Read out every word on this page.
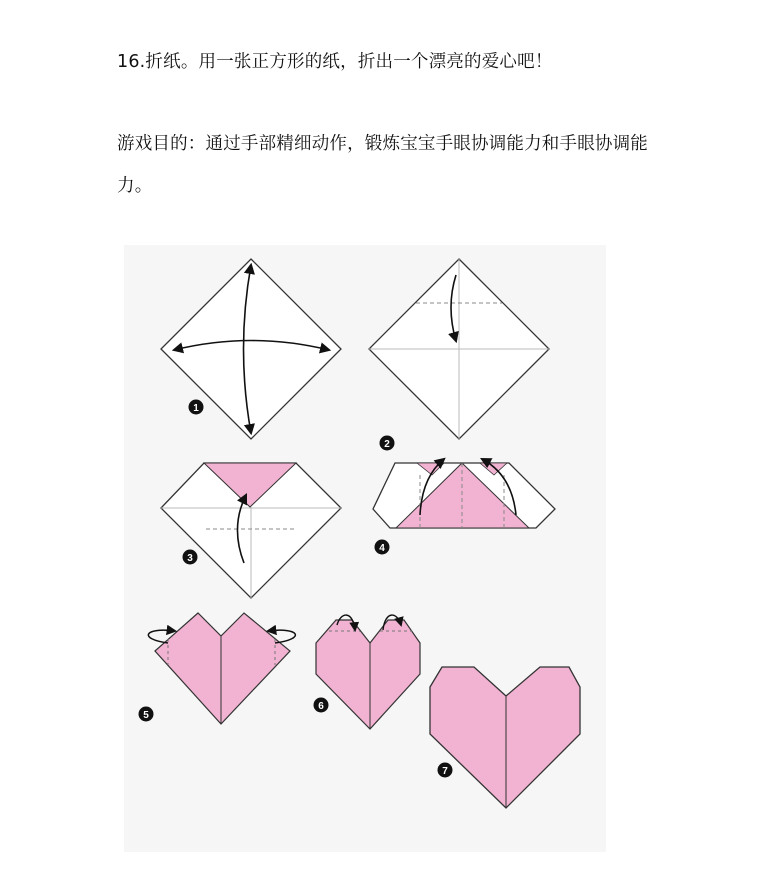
16.折纸。用一张正方形的纸，折出一个漂亮的爱心吧！
游戏目的：通过手部精细动作，锻炼宝宝手眼协调能力和手眼协调能
力。
1
2
3
4
5
6
7
